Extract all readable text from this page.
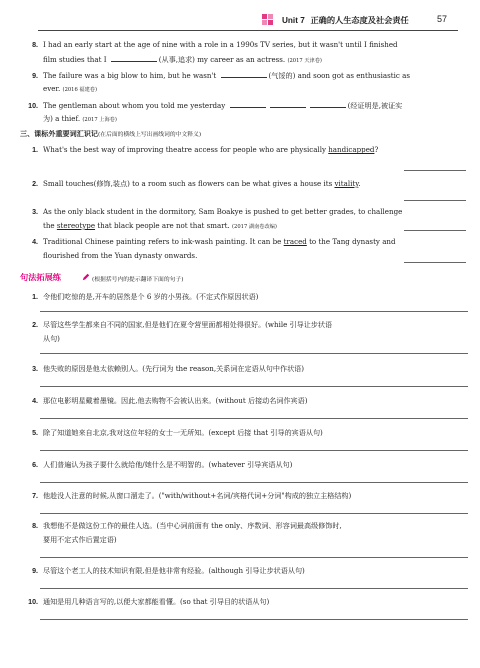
Unit 7 正确的人生态度及社会责任	57
8. I had an early start at the age of nine with a role in a 1990s TV series, but it wasn't until I finished
film studies that I	(从事,追求) my career as an actress. (2017 天津卷)
9. The failure was a big blow to him, but he wasn't	(气馁的) and soon got as enthusiastic as
ever. (2016 福建卷)
10. The gentleman about whom you told me yesterday	(经证明是,被证实
为) a thief. (2017 上海卷)
三、课标外重要词汇识记(在后面的横线上写出画线词的中文释义)
1. What's the best way of improving theatre access for people who are physically handicapped?
2. Small touches(修饰,装点) to a room such as flowers can be what gives a house its vitality.
3. As the only black student in the dormitory, Sam Boakye is pushed to get better grades, to challenge
the stereotype that black people are not that smart. (2017 湖南卷改编)
4. Traditional Chinese painting refers to ink-wash painting. It can be traced to the Tang dynasty and
flourished from the Yuan dynasty onwards.
句法拓展练	(根据括号内的提示翻译下面的句子)
1. 令他们吃惊的是,开车的居然是个 6 岁的小男孩。(不定式作原因状语)
2. 尽管这些学生都来自不同的国家,但是他们在夏令营里面都相处得很好。(while 引导让步状语
从句)
3. 他失败的原因是他太依赖别人。(先行词为 the reason,关系词在定语从句中作状语)
4. 那位电影明星戴着墨镜。因此,他去购物不会被认出来。(without 后接动名词作宾语)
5. 除了知道她来自北京,我对这位年轻的女士一无所知。(except 后接 that 引导的宾语从句)
6. 人们普遍认为孩子要什么就给他/她什么是不明智的。(whatever 引导宾语从句)
7. 他趁没人注意的时候,从窗口溜走了。("with/without+名词/宾格代词+分词"构成的独立主格结构)
8. 我想他不是做这份工作的最佳人选。(当中心词前面有 the only、序数词、形容词最高级修饰时,
要用不定式作后置定语)
9. 尽管这个老工人的技术知识有限,但是他非常有经验。(although 引导让步状语从句)
10. 通知是用几种语言写的,以便大家都能看懂。(so that 引导目的状语从句)
